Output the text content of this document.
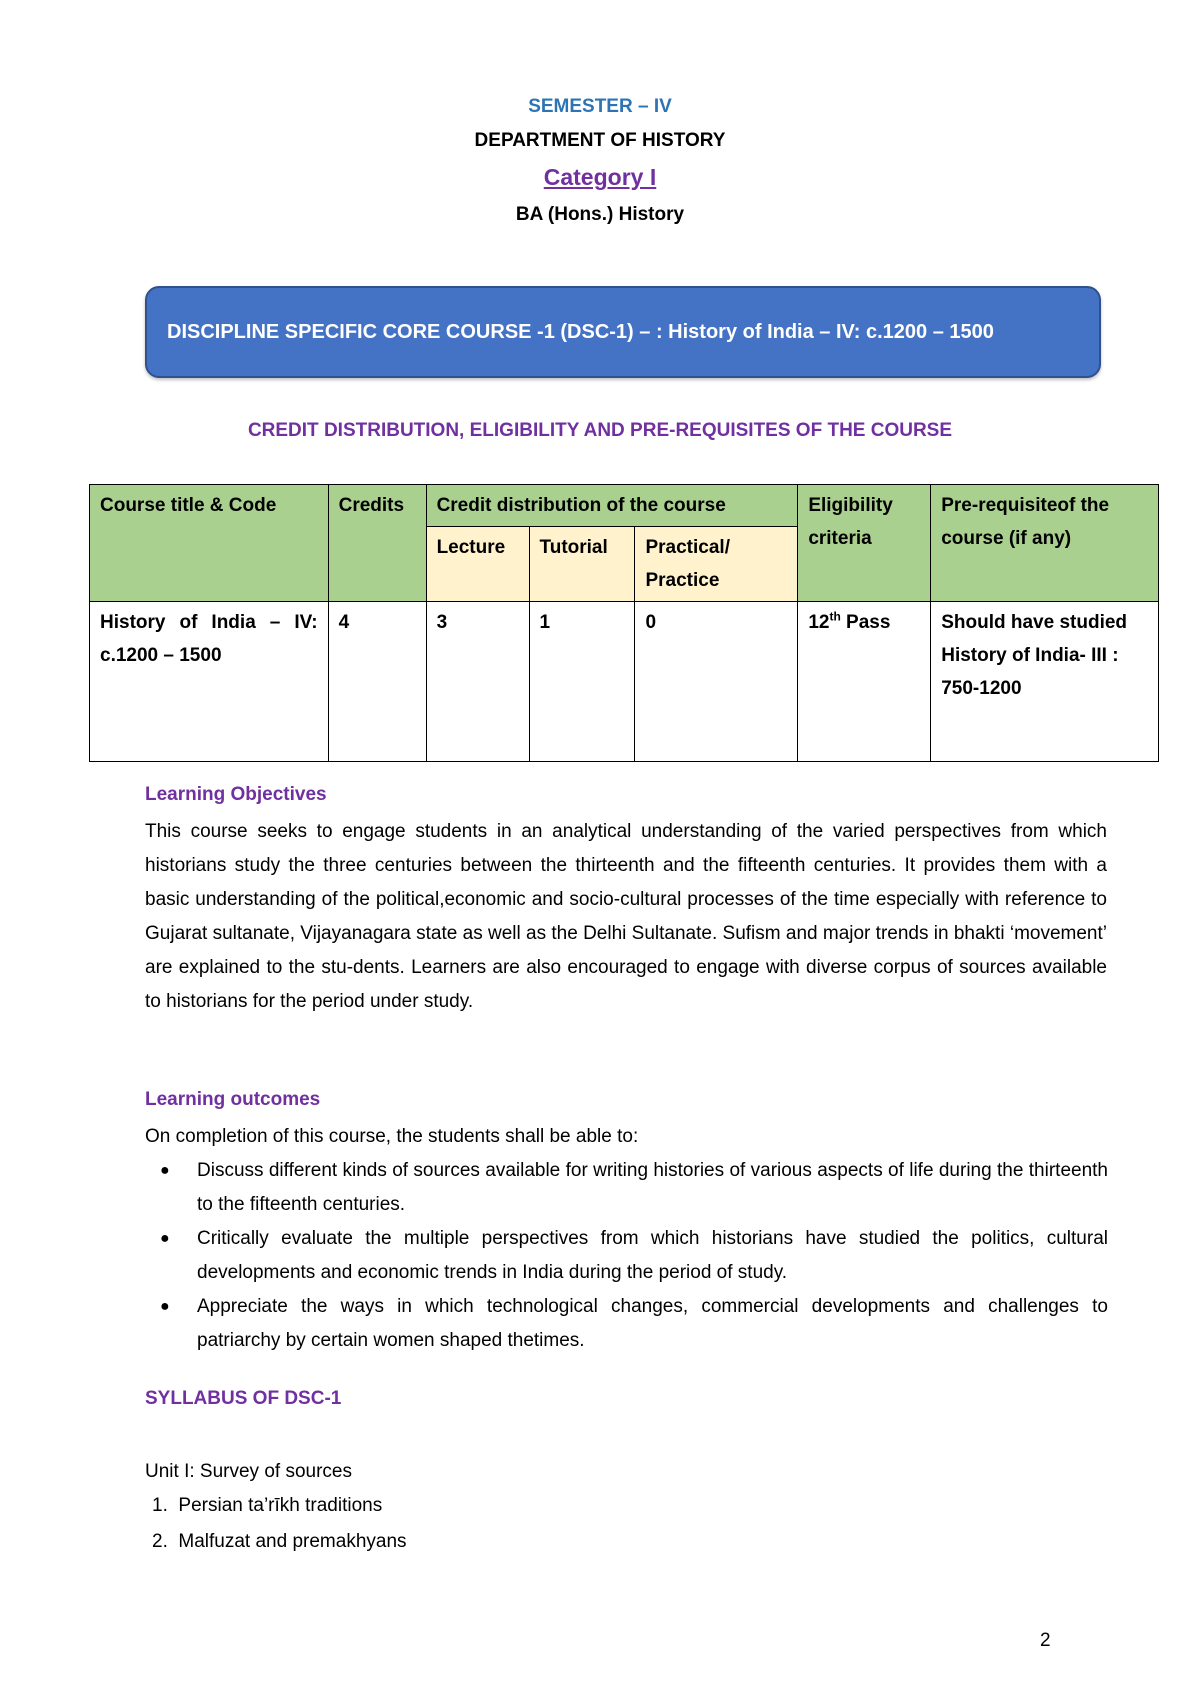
SEMESTER – IV
DEPARTMENT OF HISTORY
Category I
BA (Hons.) History
DISCIPLINE SPECIFIC CORE COURSE -1 (DSC-1) – : History of India – IV: c.1200 – 1500
CREDIT DISTRIBUTION, ELIGIBILITY AND PRE-REQUISITES OF THE COURSE
Course title & Code	Credits	Credit distribution of the course			Eligibility criteria	Pre-requisiteof the course (if any)
		Lecture	Tutorial	Practical/ Practice		
History of India – IV: c.1200 – 1500	4	3	1	0	12th Pass	Should have studied History of India- III : 750-1200
Learning Objectives
This course seeks to engage students in an analytical understanding of the varied perspectives from which historians study the three centuries between the thirteenth and the fifteenth centuries. It provides them with a basic understanding of the political,economic and socio-cultural processes of the time especially with reference to Gujarat sultanate, Vijayanagara state as well as the Delhi Sultanate. Sufism and major trends in bhakti ‘movement’ are explained to the stu-dents. Learners are also encouraged to engage with diverse corpus of sources available to historians for the period under study.
Learning outcomes
On completion of this course, the students shall be able to:
● Discuss different kinds of sources available for writing histories of various aspects of life during the thirteenth to the fifteenth centuries.
● Critically evaluate the multiple perspectives from which historians have studied the politics, cultural developments and economic trends in India during the period of study.
● Appreciate the ways in which technological changes, commercial developments and challenges to patriarchy by certain women shaped thetimes.
SYLLABUS OF DSC-1
Unit I: Survey of sources
1.  Persian ta’rīkh traditions
2.  Malfuzat and premakhyans
2
